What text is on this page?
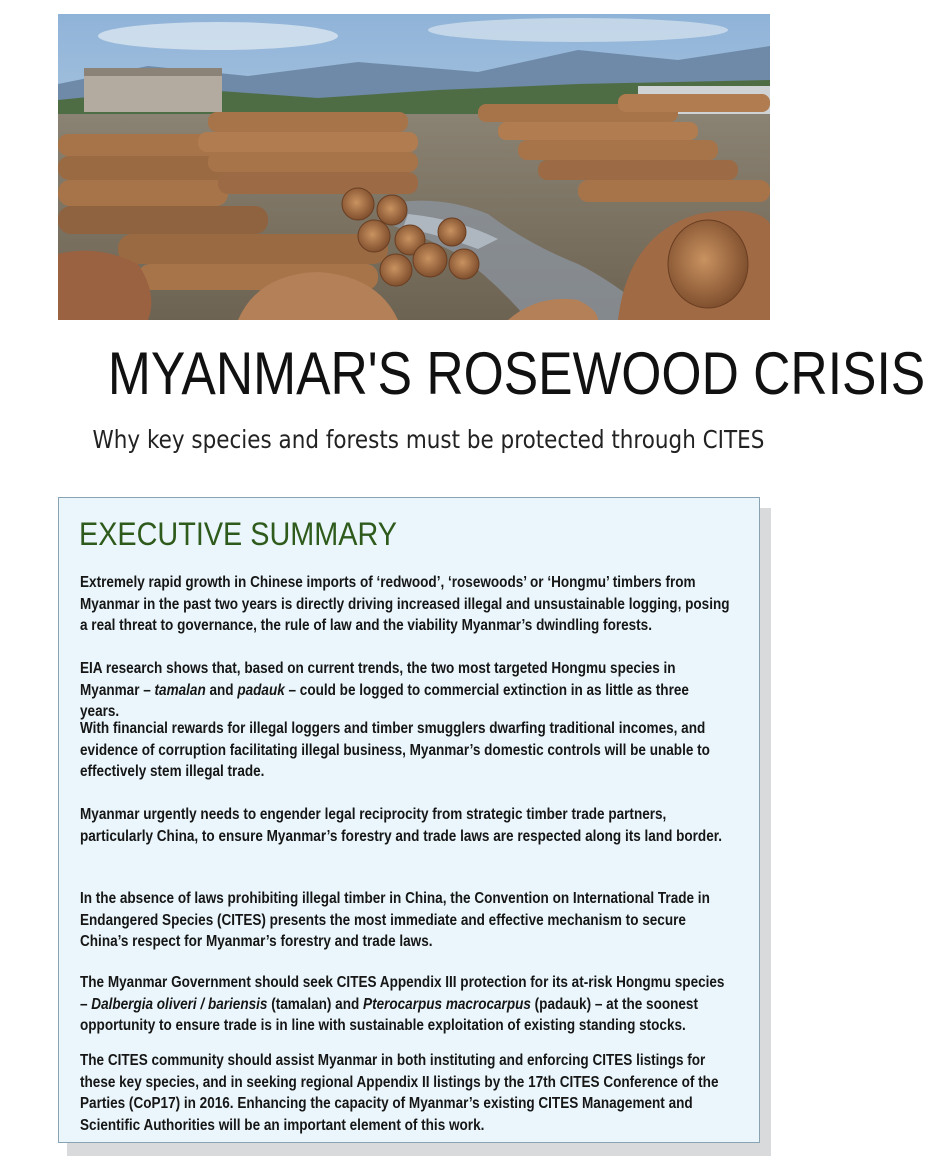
MYANMAR'S ROSEWOOD CRISIS

Why key species and forests must be protected through CITES

EXECUTIVE SUMMARY

Extremely rapid growth in Chinese imports of ‘redwood’, ‘rosewoods’ or ‘Hongmu’ timbers from Myanmar in the past two years is directly driving increased illegal and unsustainable logging, posing a real threat to governance, the rule of law and the viability Myanmar’s dwindling forests.

EIA research shows that, based on current trends, the two most targeted Hongmu species in Myanmar – tamalan and padauk – could be logged to commercial extinction in as little as three years.

With financial rewards for illegal loggers and timber smugglers dwarfing traditional incomes, and evidence of corruption facilitating illegal business, Myanmar’s domestic controls will be unable to effectively stem illegal trade.

Myanmar urgently needs to engender legal reciprocity from strategic timber trade partners, particularly China, to ensure Myanmar’s forestry and trade laws are respected along its land border.

In the absence of laws prohibiting illegal timber in China, the Convention on International Trade in Endangered Species (CITES) presents the most immediate and effective mechanism to secure China’s respect for Myanmar’s forestry and trade laws.

The Myanmar Government should seek CITES Appendix III protection for its at-risk Hongmu species – Dalbergia oliveri / bariensis (tamalan) and Pterocarpus macrocarpus (padauk) – at the soonest opportunity to ensure trade is in line with sustainable exploitation of existing standing stocks.

The CITES community should assist Myanmar in both instituting and enforcing CITES listings for these key species, and in seeking regional Appendix II listings by the 17th CITES Conference of the Parties (CoP17) in 2016. Enhancing the capacity of Myanmar’s existing CITES Management and Scientific Authorities will be an important element of this work.
